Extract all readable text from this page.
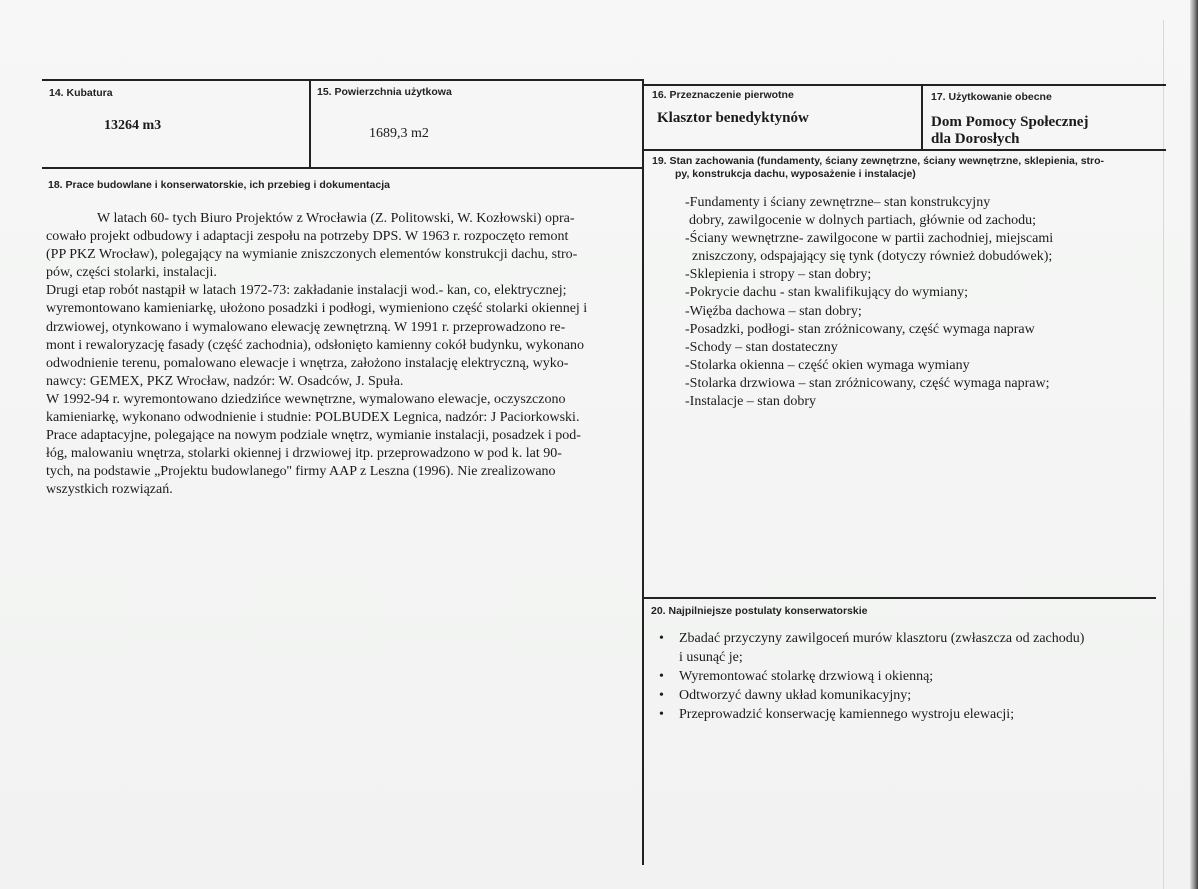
14. Kubatura
13264 m3
15. Powierzchnia użytkowa
1689,3 m2
16. Przeznaczenie pierwotne
Klasztor benedyktynów
17. Użytkowanie obecne
Dom Pomocy Społecznej
dla Dorosłych
18. Prace budowlane i konserwatorskie, ich przebieg i dokumentacja
W latach 60- tych Biuro Projektów z Wrocławia (Z. Politowski, W. Kozłowski) opra-
cowało projekt odbudowy i adaptacji zespołu na potrzeby DPS. W 1963 r. rozpoczęto remont
(PP PKZ Wrocław), polegający na wymianie zniszczonych elementów konstrukcji dachu, stro-
pów, części stolarki, instalacji.
Drugi etap robót nastąpił w latach 1972-73: zakładanie instalacji wod.- kan, co, elektrycznej;
wyremontowano kamieniarkę, ułożono posadzki i podłogi, wymieniono część stolarki okiennej i
drzwiowej, otynkowano i wymalowano elewację zewnętrzną. W 1991 r. przeprowadzono re-
mont i rewaloryzację fasady (część zachodnia), odsłonięto kamienny cokół budynku, wykonano
odwodnienie terenu, pomalowano elewacje i wnętrza, założono instalację elektryczną, wyko-
nawcy: GEMEX, PKZ Wrocław, nadzór: W. Osadców, J. Spuła.
W 1992-94 r. wyremontowano dziedzińce wewnętrzne, wymalowano elewacje, oczyszczono
kamieniarkę, wykonano odwodnienie i studnie: POLBUDEX Legnica, nadzór: J Paciorkowski.
Prace adaptacyjne, polegające na nowym podziale wnętrz, wymianie instalacji, posadzek i pod-
łóg, malowaniu wnętrza, stolarki okiennej i drzwiowej itp. przeprowadzono w pod k. lat 90-
tych, na podstawie „Projektu budowlanego'' firmy AAP z Leszna (1996). Nie zrealizowano
wszystkich rozwiązań.
19. Stan zachowania (fundamenty, ściany zewnętrzne, ściany wewnętrzne, sklepienia, stro-
py, konstrukcja dachu, wyposażenie i instalacje)
-Fundamenty i ściany zewnętrzne– stan konstrukcyjny
dobry, zawilgocenie w dolnych partiach, głównie od zachodu;
-Ściany wewnętrzne- zawilgocone w partii zachodniej, miejscami
zniszczony, odspajający się tynk (dotyczy również dobudówek);
-Sklepienia i stropy – stan dobry;
-Pokrycie dachu - stan kwalifikujący do wymiany;
-Więźba dachowa – stan dobry;
-Posadzki, podłogi- stan zróżnicowany, część wymaga napraw
-Schody – stan dostateczny
-Stolarka okienna – część okien wymaga wymiany
-Stolarka drzwiowa – stan zróżnicowany, część wymaga napraw;
-Instalacje – stan dobry
20. Najpilniejsze postulaty konserwatorskie
• Zbadać przyczyny zawilgoceń murów klasztoru (zwłaszcza od zachodu)
i usunąć je;
• Wyremontować stolarkę drzwiową i okienną;
• Odtworzyć dawny układ komunikacyjny;
• Przeprowadzić konserwację kamiennego wystroju elewacji;
